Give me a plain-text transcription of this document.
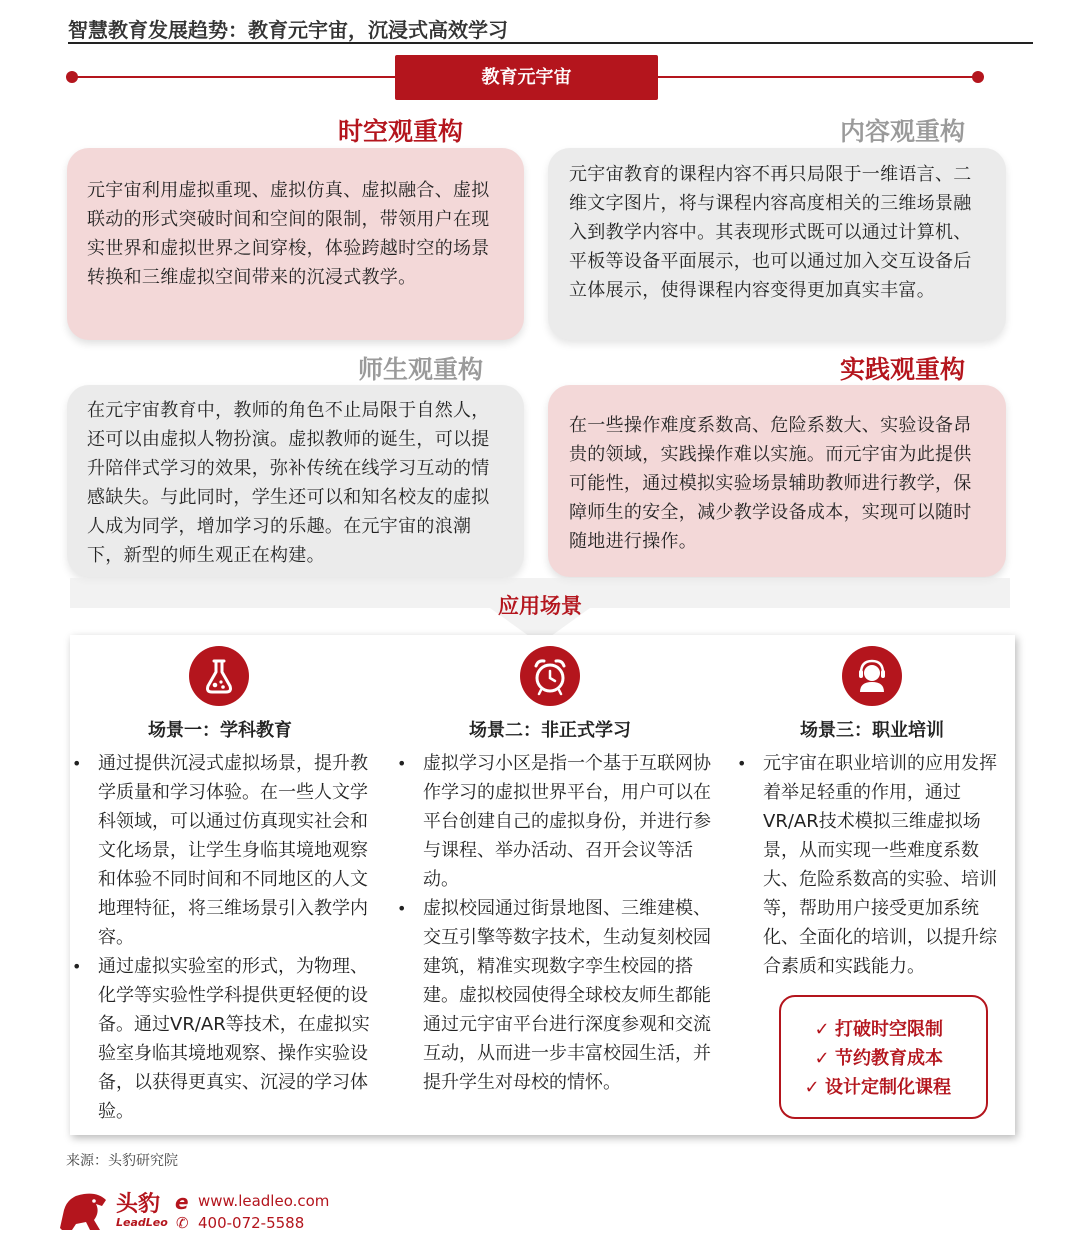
智慧教育发展趋势：教育元宇宙，沉浸式高效学习
教育元宇宙
时空观重构
元宇宙利用虚拟重现、虚拟仿真、虚拟融合、虚拟联动的形式突破时间和空间的限制，带领用户在现实世界和虚拟世界之间穿梭，体验跨越时空的场景转换和三维虚拟空间带来的沉浸式教学。
内容观重构
元宇宙教育的课程内容不再只局限于一维语言、二维文字图片，将与课程内容高度相关的三维场景融入到教学内容中。其表现形式既可以通过计算机、平板等设备平面展示，也可以通过加入交互设备后立体展示，使得课程内容变得更加真实丰富。
师生观重构
在元宇宙教育中，教师的角色不止局限于自然人，还可以由虚拟人物扮演。虚拟教师的诞生，可以提升陪伴式学习的效果，弥补传统在线学习互动的情感缺失。与此同时，学生还可以和知名校友的虚拟人成为同学，增加学习的乐趣。在元宇宙的浪潮下，新型的师生观正在构建。
实践观重构
在一些操作难度系数高、危险系数大、实验设备昂贵的领域，实践操作难以实施。而元宇宙为此提供可能性，通过模拟实验场景辅助教师进行教学，保障师生的安全，减少教学设备成本，实现可以随时随地进行操作。
应用场景
场景一：学科教育	场景二：非正式学习	场景三：职业培训
• 通过提供沉浸式虚拟场景，提升教学质量和学习体验。在一些人文学科领域，可以通过仿真现实社会和文化场景，让学生身临其境地观察和体验不同时间和不同地区的人文地理特征，将三维场景引入教学内容。
• 通过虚拟实验室的形式，为物理、化学等实验性学科提供更轻便的设备。通过VR/AR等技术，在虚拟实验室身临其境地观察、操作实验设备，以获得更真实、沉浸的学习体验。
• 虚拟学习小区是指一个基于互联网协作学习的虚拟世界平台，用户可以在平台创建自己的虚拟身份，并进行参与课程、举办活动、召开会议等活动。
• 虚拟校园通过街景地图、三维建模、交互引擎等数字技术，生动复刻校园建筑，精准实现数字孪生校园的搭建。虚拟校园使得全球校友师生都能通过元宇宙平台进行深度参观和交流互动，从而进一步丰富校园生活，并提升学生对母校的情怀。
• 元宇宙在职业培训的应用发挥着举足轻重的作用，通过VR/AR技术模拟三维虚拟场景，从而实现一些难度系数大、危险系数高的实验、培训等，帮助用户接受更加系统化、全面化的培训，以提升综合素质和实践能力。
✓ 打破时空限制
✓ 节约教育成本
✓ 设计定制化课程
来源：头豹研究院
头豹
LeadLeo
e www.leadleo.com
✆ 400-072-5588
